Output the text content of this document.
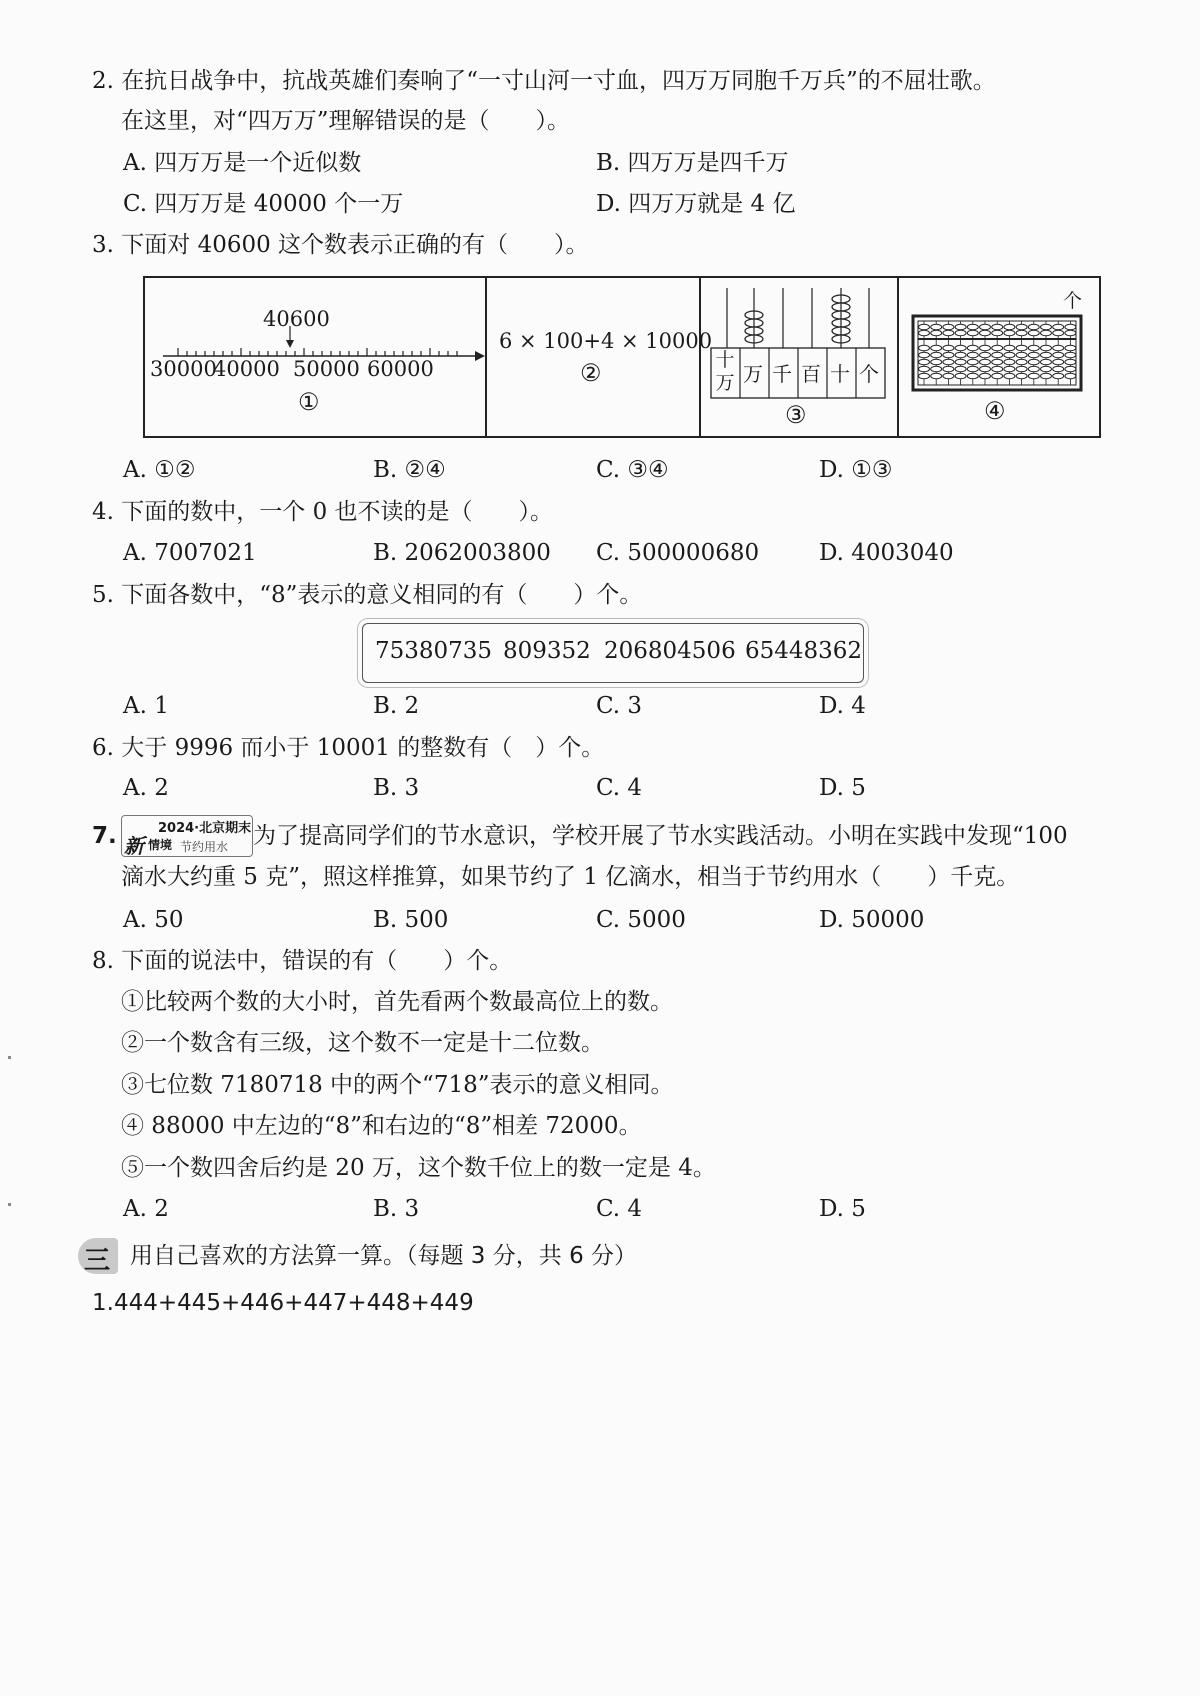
2. 在抗日战争中，抗战英雄们奏响了“一寸山河一寸血，四万万同胞千万兵”的不屈壮歌。
在这里，对“四万万”理解错误的是（　　）。
A. 四万万是一个近似数	B. 四万万是四千万
C. 四万万是 40000 个一万	D. 四万万就是 4 亿
3. 下面对 40600 这个数表示正确的有（　　）。
40600
30000
40000 50000 60000
①
6 × 100+4 × 10000
②	十万 万 千 百 十 个
③
个
④
A. ①②	B. ②④	C. ③④	D. ①③
4. 下面的数中，一个 0 也不读的是（　　）。
A. 7007021	B. 2062003800 C. 500000680	D. 4003040
5. 下面各数中，“8”表示的意义相同的有（　　）个。
75380735 809352 206804506 65448362
A. 1	B. 2	C. 3	D. 4
6. 大于 9996 而小于 10001 的整数有（　）个。
A. 2	B. 3	C. 4	D. 5
7.	2024·北京期末
新 情境 节约用水 为了提高同学们的节水意识，学校开展了节水实践活动。小明在实践中发现“100
滴水大约重 5 克”，照这样推算，如果节约了 1 亿滴水，相当于节约用水（　　）千克。
A. 50	B. 500	C. 5000	D. 50000
8. 下面的说法中，错误的有（　　）个。
①比较两个数的大小时，首先看两个数最高位上的数。
②一个数含有三级，这个数不一定是十二位数。
③七位数 7180718 中的两个“718”表示的意义相同。
④ 88000 中左边的“8”和右边的“8”相差 72000。
⑤一个数四舍后约是 20 万，这个数千位上的数一定是 4。
A. 2	B. 3	C. 4	D. 5
三 用自己喜欢的方法算一算。（每题 3 分，共 6 分）
1.444+445+446+447+448+449
